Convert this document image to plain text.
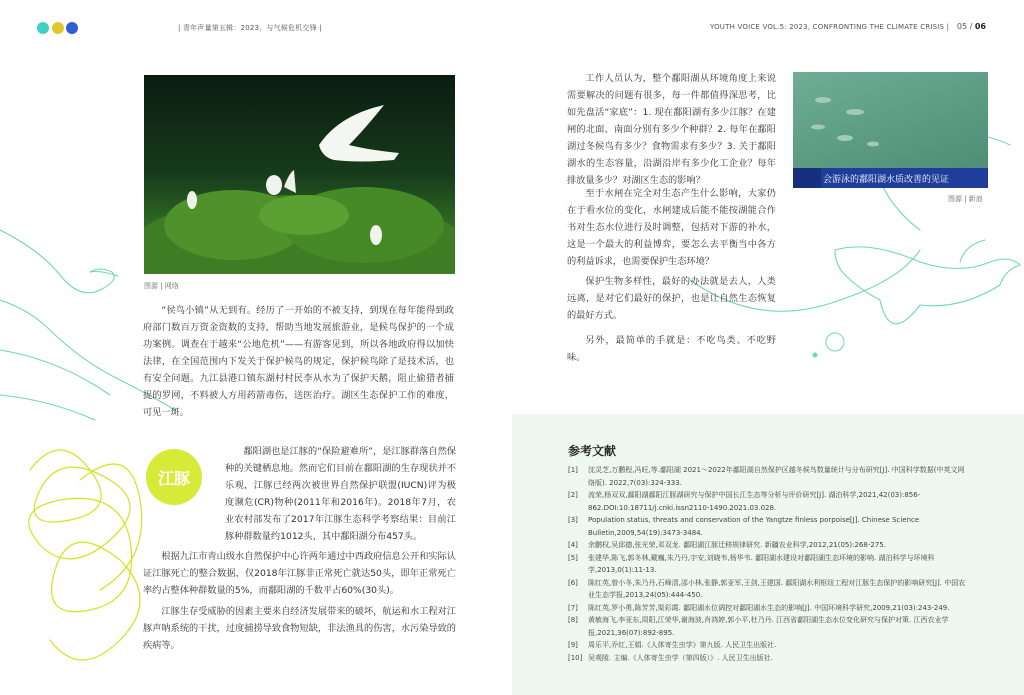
| 青年声量第五辑：2023，与气候危机交锋 |	YOUTH VOICE VOL.5: 2023, CONFRONTING THE CLIMATE CRISIS | 05 / 06
图源 | 网络
会游泳的鄱阳湖水质改善的见证
图源 | 新浪

“侯鸟小镇”从无到有。经历了一开始的不被支持，到现在每年能得到政府部门数百万资金资数的支持，帮助当地发展旅游业，是候鸟保护的一个成功案例。调查在于越来“公地危机”——有游客见到，所以各地政府得以加快法律，在全国范围内下发关于保护候鸟的规定，保护候鸟除了是技术活，也有安全问题。九江县港口镇东湖村村民李从水为了保护天鹅，阻止偷猎者捕捉的罗网，不料被人方用药箭毒伤，送医治疗。湖区生态保护工作的难度，可见一斑。

江豚

鄱阳湖也是江豚的“保险避难所”，是江豚群落自然保种的关键栖息地。然而它们目前在鄱阳湖的生存现状并不乐观，江豚已经两次被世界自然保护联盟(IUCN)评为极度濒危(CR)物种(2011年和2016年)。2018年7月，农业农村部发布了2017年江豚生态科学考察结果：目前江豚种群数量约1012头，其中鄱阳湖分布457头。

根据九江市青山级水自然保护中心许两年通过中西政府信息公开和实际认证江豚死亡的整合数据，仅2018年江豚非正常死亡就达50头，即年正常死亡率约占整体种群数量的5%，而鄱阳湖的千数平占60%(30头)。

江豚生存受威胁的因素主要来自经济发展带来的破坏，航运和水工程对江豚声呐系统的干扰，过度捕捞导致食物短缺，非法渔具的伤害，水污染导致的疾病等。

工作人员认为，整个鄱阳湖从环境角度上来说需要解决的问题有很多，每一件都值得深思考，比如先盘活“家底”：1. 现在鄱阳湖有多少江豚？在建闸的北面、南面分别有多少个种群？2. 每年在鄱阳湖过冬候鸟有多少？食物需求有多少？3. 关于鄱阳湖水的生态容量，沿湖沿岸有多少化工企业？每年排放量多少？对湖区生态的影响？

至于水闸在完全对生态产生什么影响，大家仍在于看水位的变化，水闸建成后能不能按湖能合作书对生态水位进行及时调整，包括对下游的补水，这是一个最大的利益博弈，要怎么去平衡当中各方的利益诉求，也需要保护生态环境？

保护生物多样性，最好的办法就是去人，人类远离，是对它们最好的保护，也是让自然生态恢复的最好方式。

另外，最简单的手就是：不吃鸟类、不吃野味。

参考文献
[1]	沈灵芝,万鹏程,冯旺,等.鄱阳湖 2021～2022年鄱阳湖自然保护区越冬候鸟数量统计与分布研究[J]. 中国科学数据(中英文网络版). 2022,7(03):324-333.
[2]	流荣,杨双双,鄱阳湖鄱阳江豚湖研究与保护中国长江生态等分析与评价研究[J]. 湖泊科学,2021,42(03):856-862.DOI:10.18711/j.cnki.issn2110-1490.2021.03.028.
[3]	Population status, threats and conservation of the Yangtze finless porpoise[J]. Chinese Science Bulletin,2009,54(19):3473-3484.
[4]	余鹏权,吴邱德,张光荣,邓双龙. 鄱阳湖江豚迁移规律研究. 新疆农业科学,2012,21(05):268-275.
[5]	张建华,陈飞,郭冬林,戴巍,朱乃丹,宇安,刘晓韦,杨华韦. 鄱阳湖水建设对鄱阳湖生态环境的影响. 湖泊科学与环境科学,2013,0(1):11-13.
[6]	陈红英,曾小冬,朱乃丹,石峰清,邵小林,张静,郭亚军,王剑,王建国. 鄱阳湖水利枢纽工程对江豚生态保护的影响研究[J]. 中国农业生态学报,2013,24(05):444-450.
[7]	陈红英,罗小勇,陈芳芳,渠彩霞. 鄱阳湖水位调控对鄱阳湖水生态的影响[J]. 中国环境科学研究,2009,21(03):243-249.
[8]	黄敏海飞,李亚东,周阳,江荣华,谢海波,肖鸿婷,郭小平,杜乃丹. 江西省鄱阳湖生态水位变化研究与保护对策. 江西农业学报,2021,36(07):892-895.
[9]	周乐平,乔红,王娟.《人体寄生虫学》第九版. 人民卫生出版社.
[10] 吴观陵. 主编.《人体寄生虫学（第四版）》. 人民卫生出版社.
